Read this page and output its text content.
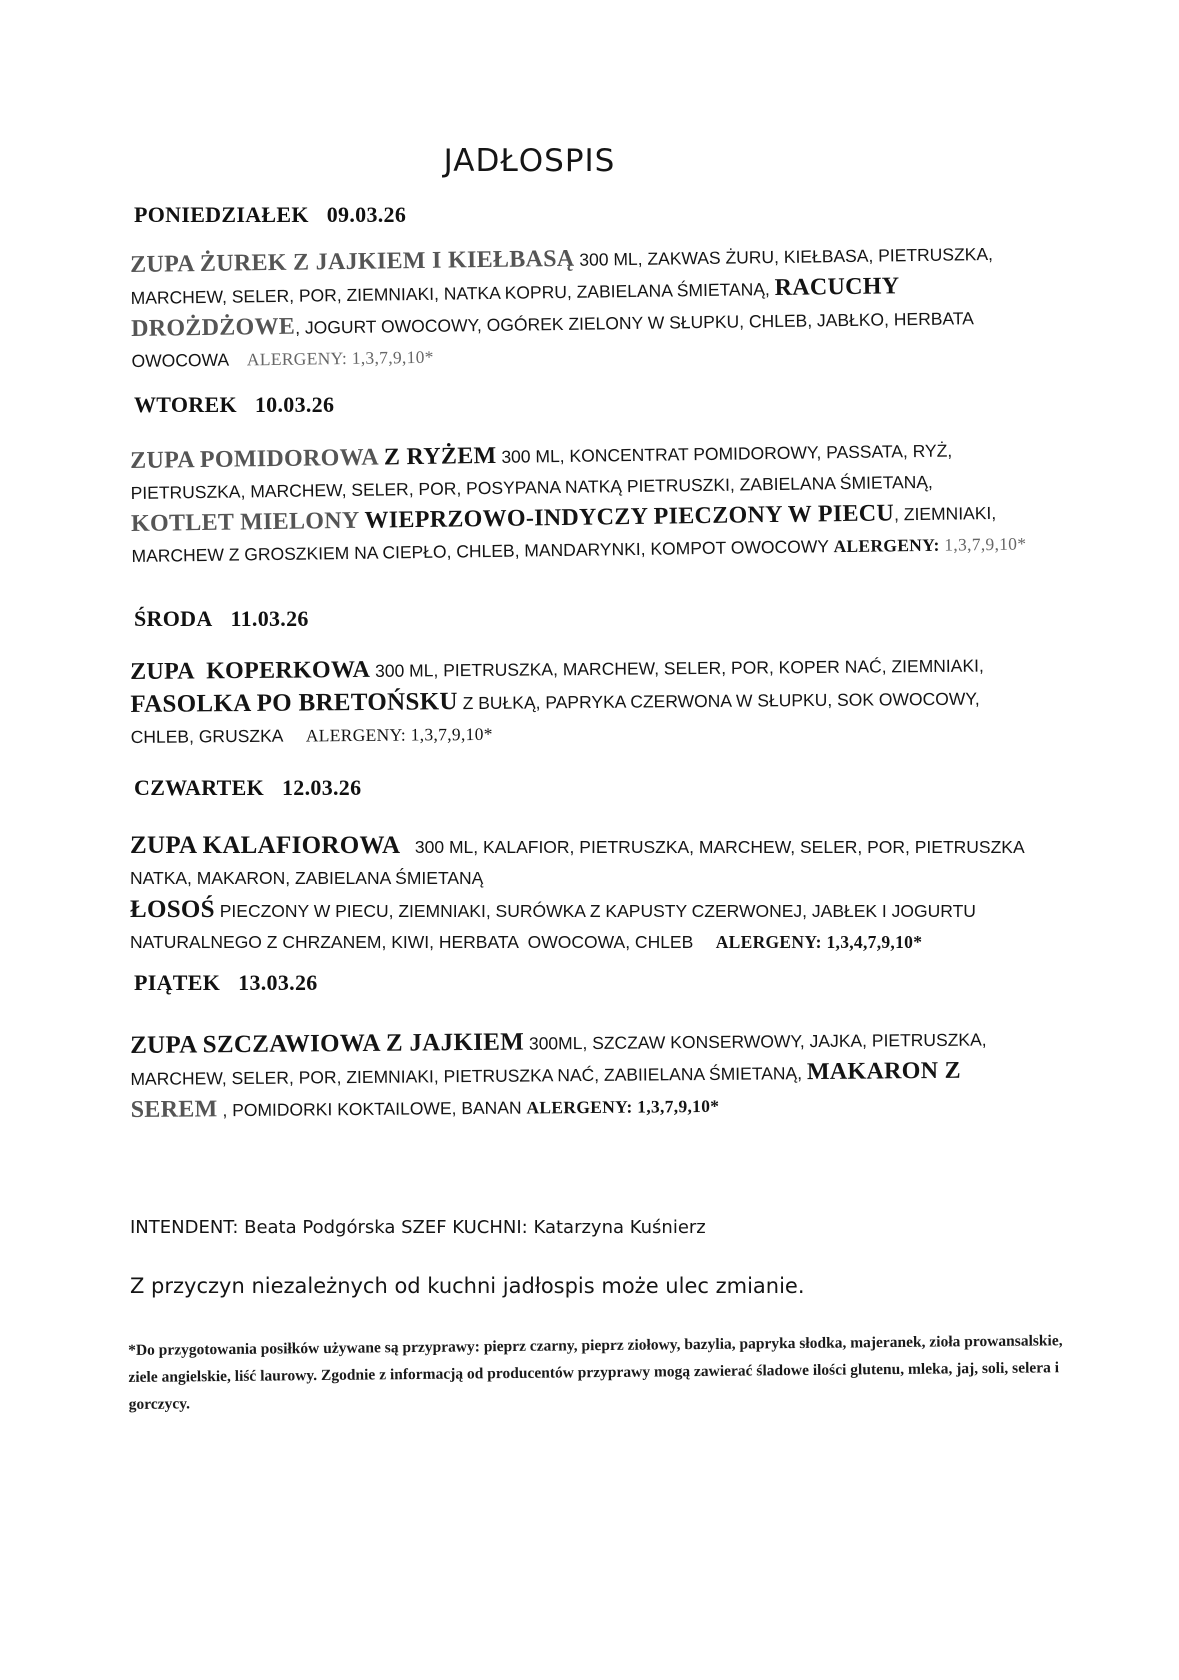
JADŁOSPIS
PONIEDZIAŁEK 09.03.26
ZUPA ŻUREK Z JAJKIEM I KIEŁBASĄ 300 ML, ZAKWAS ŻURU, KIEŁBASA, PIETRUSZKA, MARCHEW, SELER, POR, ZIEMNIAKI, NATKA KOPRU, ZABIELANA ŚMIETANĄ, RACUCHY DROŻDŻOWE, JOGURT OWOCOWY, OGÓREK ZIELONY W SŁUPKU, CHLEB, JABŁKO, HERBATA OWOCOWA    ALERGENY: 1,3,7,9,10*
WTOREK 10.03.26
ZUPA POMIDOROWA Z RYŻEM 300 ML, KONCENTRAT POMIDOROWY, PASSATA, RYŻ, PIETRUSZKA, MARCHEW, SELER, POR, POSYPANA NATKĄ PIETRUSZKI, ZABIELANA ŚMIETANĄ, KOTLET MIELONY WIEPRZOWO-INDYCZY PIECZONY W PIECU, ZIEMNIAKI, MARCHEW Z GROSZKIEM NA CIEPŁO, CHLEB, MANDARYNKI, KOMPOT OWOCOWY ALERGENY: 1,3,7,9,10*
ŚRODA 11.03.26
ZUPA  KOPERKOWA 300 ML, PIETRUSZKA, MARCHEW, SELER, POR, KOPER NAĆ, ZIEMNIAKI, FASOLKA PO BRETOŃSKU Z BUŁKĄ, PAPRYKA CZERWONA W SŁUPKU, SOK OWOCOWY, CHLEB, GRUSZKA     ALERGENY: 1,3,7,9,10*
CZWARTEK 12.03.26
ZUPA KALAFIOROWA   300 ML, KALAFIOR, PIETRUSZKA, MARCHEW, SELER, POR, PIETRUSZKA NATKA, MAKARON, ZABIELANA ŚMIETANĄ
ŁOSOŚ PIECZONY W PIECU, ZIEMNIAKI, SURÓWKA Z KAPUSTY CZERWONEJ, JABŁEK I JOGURTU NATURALNEGO Z CHRZANEM, KIWI, HERBATA  OWOCOWA, CHLEB     ALERGENY: 1,3,4,7,9,10*
PIĄTEK 13.03.26
ZUPA SZCZAWIOWA Z JAJKIEM 300ML, SZCZAW KONSERWOWY, JAJKA, PIETRUSZKA, MARCHEW, SELER, POR, ZIEMNIAKI, PIETRUSZKA NAĆ, ZABIIELANA ŚMIETANĄ, MAKARON Z SEREM , POMIDORKI KOKTAILOWE, BANAN ALERGENY: 1,3,7,9,10*
INTENDENT: Beata Podgórska SZEF KUCHNI: Katarzyna Kuśnierz
Z przyczyn niezależnych od kuchni jadłospis może ulec zmianie.
*Do przygotowania posiłków używane są przyprawy: pieprz czarny, pieprz ziołowy, bazylia, papryka słodka, majeranek, zioła prowansalskie, ziele angielskie, liść laurowy. Zgodnie z informacją od producentów przyprawy mogą zawierać śladowe ilości glutenu, mleka, jaj, soli, selera i gorczycy.
